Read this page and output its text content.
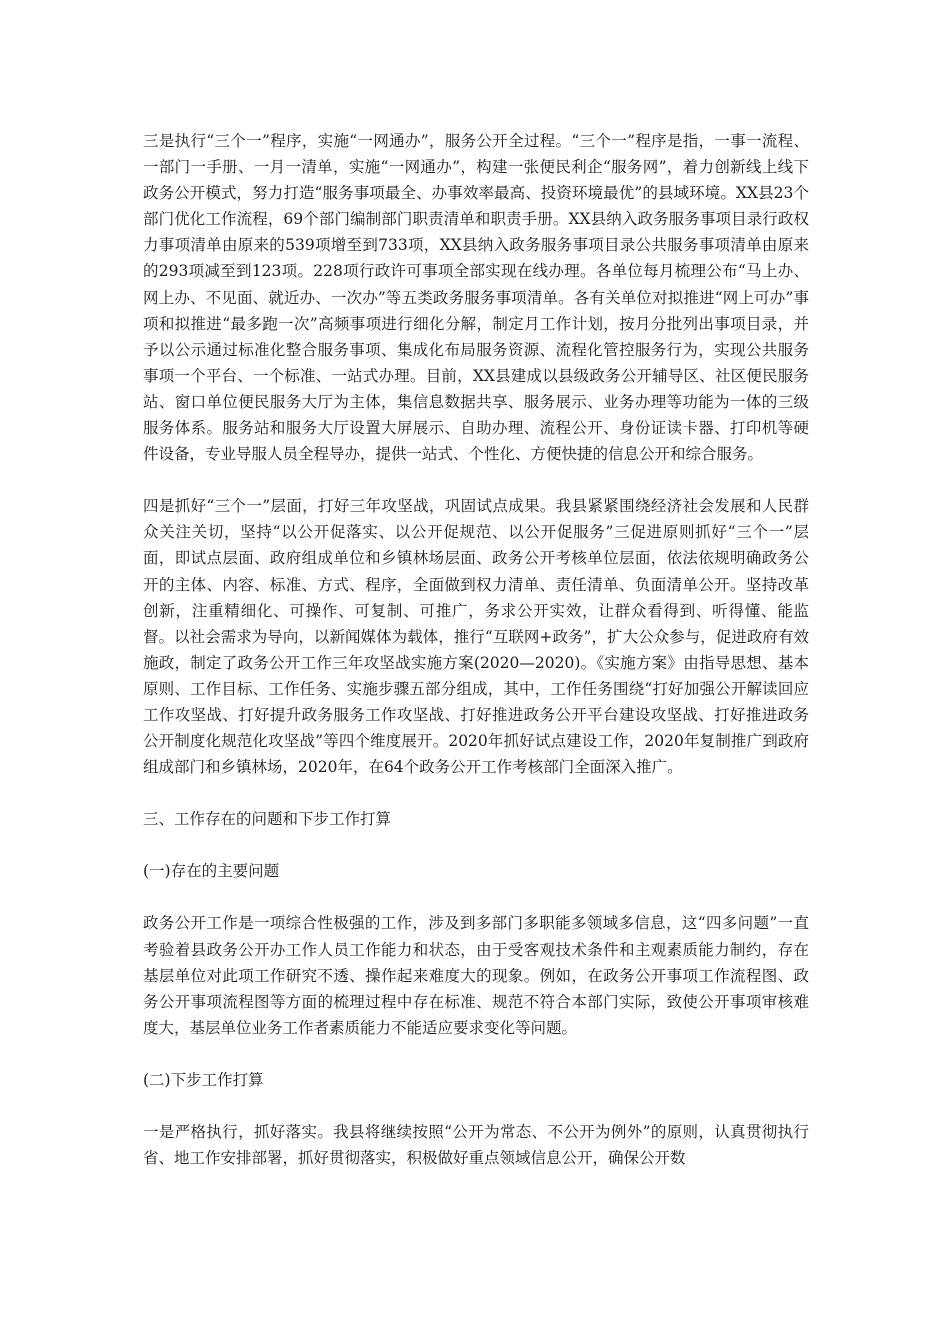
三是执行“三个一”程序，实施“一网通办”，服务公开全过程。“三个一”程序是指，一事一流程、一部门一手册、一月一清单，实施“一网通办”，构建一张便民利企“服务网”，着力创新线上线下政务公开模式，努力打造“服务事项最全、办事效率最高、投资环境最优”的县域环境。XX县23个部门优化工作流程，69个部门编制部门职责清单和职责手册。XX县纳入政务服务事项目录行政权力事项清单由原来的539项增至到733项，XX县纳入政务服务事项目录公共服务事项清单由原来的293项减至到123项。228项行政许可事项全部实现在线办理。各单位每月梳理公布“马上办、网上办、不见面、就近办、一次办”等五类政务服务事项清单。各有关单位对拟推进“网上可办”事项和拟推进“最多跑一次”高频事项进行细化分解，制定月工作计划，按月分批列出事项目录，并予以公示通过标准化整合服务事项、集成化布局服务资源、流程化管控服务行为，实现公共服务事项一个平台、一个标准、一站式办理。目前，XX县建成以县级政务公开辅导区、社区便民服务站、窗口单位便民服务大厅为主体，集信息数据共享、服务展示、业务办理等功能为一体的三级服务体系。服务站和服务大厅设置大屏展示、自助办理、流程公开、身份证读卡器、打印机等硬件设备，专业导服人员全程导办，提供一站式、个性化、方便快捷的信息公开和综合服务。

四是抓好“三个一”层面，打好三年攻坚战，巩固试点成果。我县紧紧围绕经济社会发展和人民群众关注关切，坚持“以公开促落实、以公开促规范、以公开促服务”三促进原则抓好“三个一”层面，即试点层面、政府组成单位和乡镇林场层面、政务公开考核单位层面，依法依规明确政务公开的主体、内容、标准、方式、程序，全面做到权力清单、责任清单、负面清单公开。坚持改革创新，注重精细化、可操作、可复制、可推广，务求公开实效，让群众看得到、听得懂、能监督。以社会需求为导向，以新闻媒体为载体，推行“互联网+政务”，扩大公众参与，促进政府有效施政，制定了政务公开工作三年攻坚战实施方案(2020—2020)。《实施方案》由指导思想、基本原则、工作目标、工作任务、实施步骤五部分组成，其中，工作任务围绕“打好加强公开解读回应工作攻坚战、打好提升政务服务工作攻坚战、打好推进政务公开平台建设攻坚战、打好推进政务公开制度化规范化攻坚战”等四个维度展开。2020年抓好试点建设工作，2020年复制推广到政府组成部门和乡镇林场，2020年，在64个政务公开工作考核部门全面深入推广。

三、工作存在的问题和下步工作打算

(一)存在的主要问题

政务公开工作是一项综合性极强的工作，涉及到多部门多职能多领域多信息，这“四多问题”一直考验着县政务公开办工作人员工作能力和状态，由于受客观技术条件和主观素质能力制约，存在基层单位对此项工作研究不透、操作起来难度大的现象。例如，在政务公开事项工作流程图、政务公开事项流程图等方面的梳理过程中存在标准、规范不符合本部门实际，致使公开事项审核难度大，基层单位业务工作者素质能力不能适应要求变化等问题。

(二)下步工作打算

一是严格执行，抓好落实。我县将继续按照“公开为常态、不公开为例外”的原则，认真贯彻执行省、地工作安排部署，抓好贯彻落实，积极做好重点领域信息公开，确保公开数
